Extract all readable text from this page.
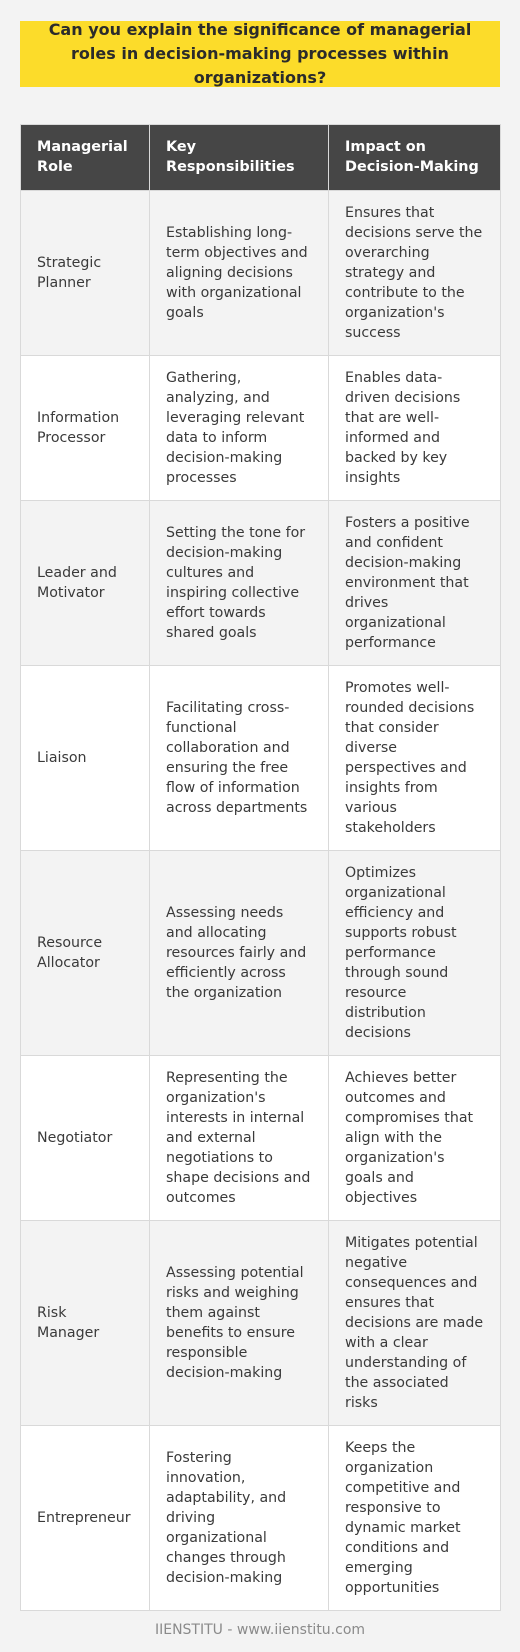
Can you explain the significance of managerial roles in decision-making processes within organizations?
Managerial Role	Key Responsibilities	Impact on Decision-Making
Strategic Planner	Establishing long-term objectives and aligning decisions with organizational goals	Ensures that decisions serve the overarching strategy and contribute to the organization's success
Information Processor	Gathering, analyzing, and leveraging relevant data to inform decision-making processes	Enables data-driven decisions that are well-informed and backed by key insights
Leader and Motivator	Setting the tone for decision-making cultures and inspiring collective effort towards shared goals	Fosters a positive and confident decision-making environment that drives organizational performance
Liaison	Facilitating cross-functional collaboration and ensuring the free flow of information across departments	Promotes well-rounded decisions that consider diverse perspectives and insights from various stakeholders
Resource Allocator	Assessing needs and allocating resources fairly and efficiently across the organization	Optimizes organizational efficiency and supports robust performance through sound resource distribution decisions
Negotiator	Representing the organization's interests in internal and external negotiations to shape decisions and outcomes	Achieves better outcomes and compromises that align with the organization's goals and objectives
Risk Manager	Assessing potential risks and weighing them against benefits to ensure responsible decision-making	Mitigates potential negative consequences and ensures that decisions are made with a clear understanding of the associated risks
Entrepreneur	Fostering innovation, adaptability, and driving organizational changes through decision-making	Keeps the organization competitive and responsive to dynamic market conditions and emerging opportunities
IIENSTITU - www.iienstitu.com
